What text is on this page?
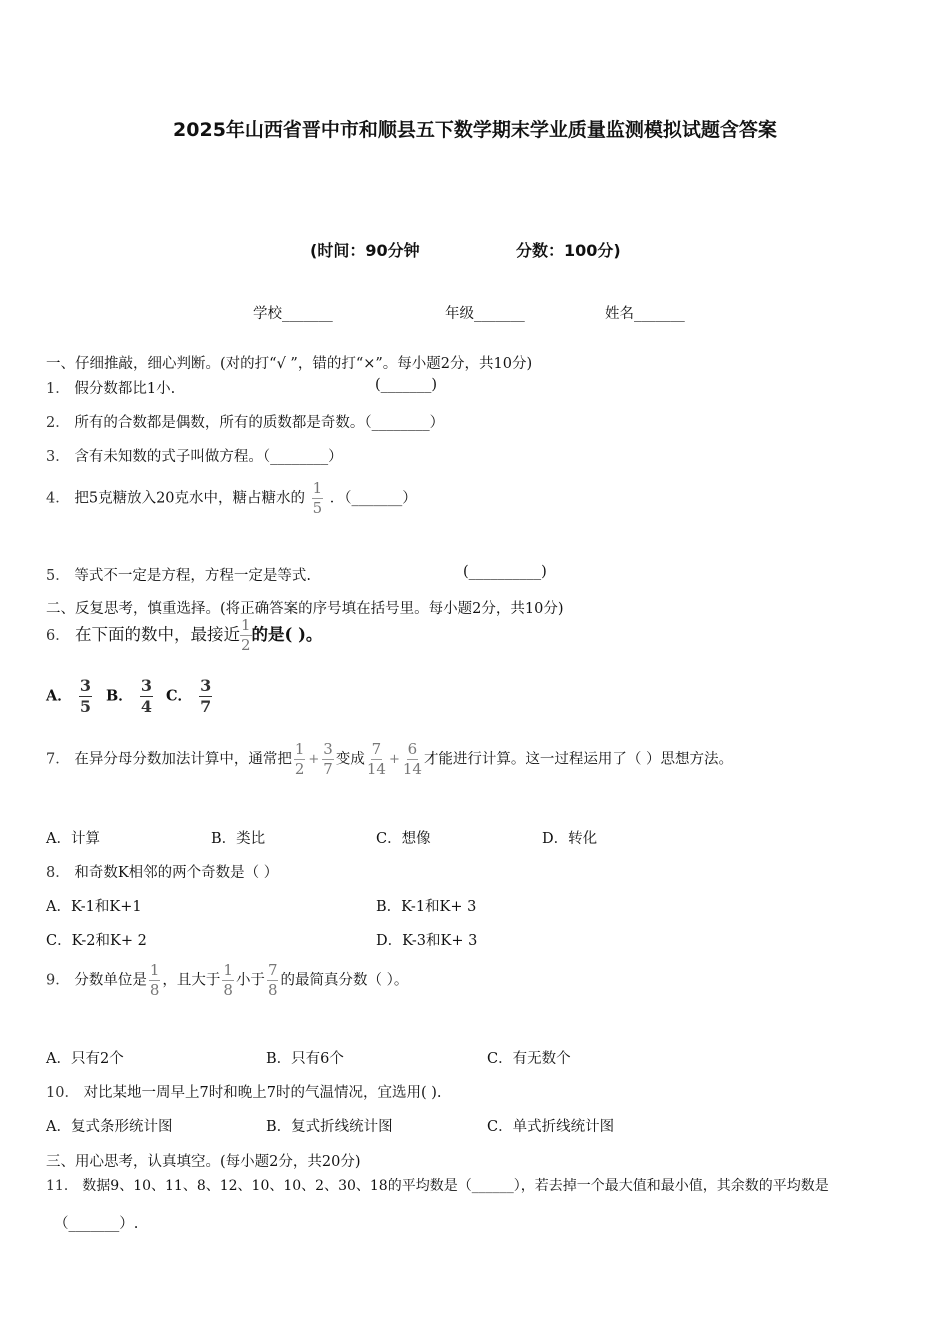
2025年山西省晋中市和顺县五下数学期末学业质量监测模拟试题含答案
(时间：90分钟	分数：100分)
学校_______	年级_______	姓名_______
一、仔细推敲，细心判断。(对的打“√ ”，错的打“×”。每小题2分，共10分)
1． 假分数都比1小.	(_______)
2． 所有的合数都是偶数，所有的质数都是奇数。（________）
3． 含有未知数的式子叫做方程。（________）
4． 把5克糖放入20克水中，糖占糖水的 $\frac{1}{5}$ ．（_______）
5． 等式不一定是方程，方程一定是等式.	(__________)
二、反复思考，慎重选择。(将正确答案的序号填在括号里。每小题2分，共10分)
6． 在下面的数中，最接近 $\frac{1}{2}$ 的是( )。
A． $\frac{3}{5}$ B． $\frac{3}{4}$ C． $\frac{3}{7}$
7． 在异分母分数加法计算中，通常把 $\frac{1}{2} + \frac{3}{7}$ 变成 $\frac{7}{14} + \frac{6}{14}$ 才能进行计算。这一过程运用了（ ）思想方法。
A．计算	B．类比	C．想像	D．转化
8． 和奇数K相邻的两个奇数是（ ）
A．K-1和K+1	B．K-1和K+ 3
C．K-2和K+ 2	D．K-3和K+ 3
9． 分数单位是 $\frac{1}{8}$ ，且大于 $\frac{1}{8}$ 小于 $\frac{7}{8}$ 的最简真分数（ ）。
A．只有2个	B．只有6个	C．有无数个
10． 对比某地一周早上7时和晚上7时的气温情况，宜选用( ).
A．复式条形统计图	B．复式折线统计图	C．单式折线统计图
三、用心思考，认真填空。(每小题2分，共20分)
11． 数据9、10、11、8、12、10、10、2、30、18的平均数是（______），若去掉一个最大值和最小值，其余数的平均数是
（_______）.
